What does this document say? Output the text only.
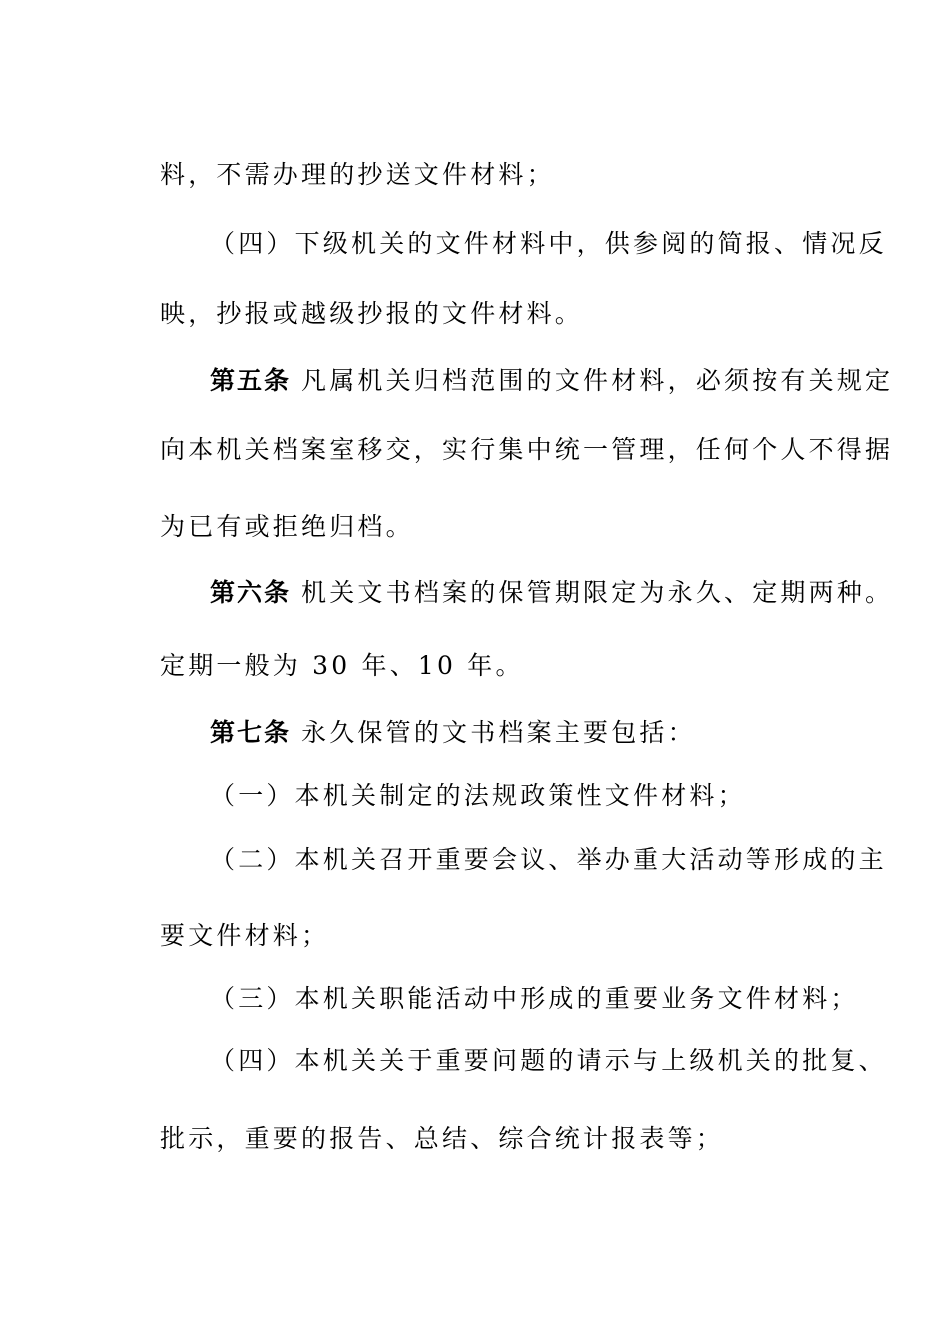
料，不需办理的抄送文件材料；
（四）下级机关的文件材料中，供参阅的简报、情况反
映，抄报或越级抄报的文件材料。
第五条 凡属机关归档范围的文件材料，必须按有关规定
向本机关档案室移交，实行集中统一管理，任何个人不得据
为已有或拒绝归档。
第六条 机关文书档案的保管期限定为永久、定期两种。
定期一般为 30 年、10 年。
第七条 永久保管的文书档案主要包括：
（一）本机关制定的法规政策性文件材料；
（二）本机关召开重要会议、举办重大活动等形成的主
要文件材料；
（三）本机关职能活动中形成的重要业务文件材料；
（四）本机关关于重要问题的请示与上级机关的批复、
批示，重要的报告、总结、综合统计报表等；
